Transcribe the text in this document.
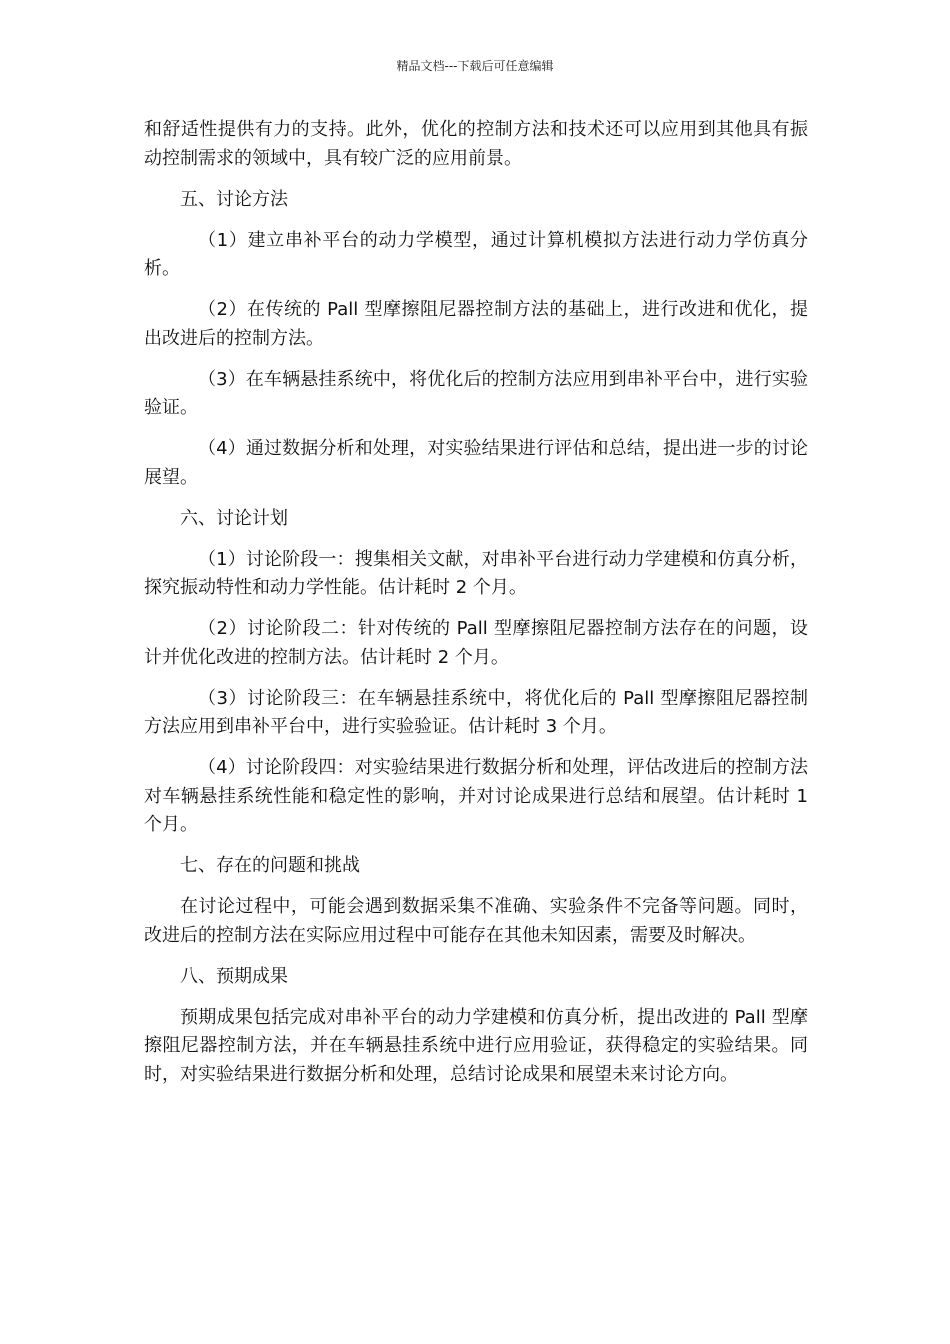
精品文档---下载后可任意编辑

和舒适性提供有力的支持。此外，优化的控制方法和技术还可以应用到其他具有振动控制需求的领域中，具有较广泛的应用前景。

五、讨论方法

（1）建立串补平台的动力学模型，通过计算机模拟方法进行动力学仿真分析。

（2）在传统的 Pall 型摩擦阻尼器控制方法的基础上，进行改进和优化，提出改进后的控制方法。

（3）在车辆悬挂系统中，将优化后的控制方法应用到串补平台中，进行实验验证。

（4）通过数据分析和处理，对实验结果进行评估和总结，提出进一步的讨论展望。

六、讨论计划

（1）讨论阶段一：搜集相关文献，对串补平台进行动力学建模和仿真分析，探究振动特性和动力学性能。估计耗时 2 个月。

（2）讨论阶段二：针对传统的 Pall 型摩擦阻尼器控制方法存在的问题，设计并优化改进的控制方法。估计耗时 2 个月。

（3）讨论阶段三：在车辆悬挂系统中，将优化后的 Pall 型摩擦阻尼器控制方法应用到串补平台中，进行实验验证。估计耗时 3 个月。

（4）讨论阶段四：对实验结果进行数据分析和处理，评估改进后的控制方法对车辆悬挂系统性能和稳定性的影响，并对讨论成果进行总结和展望。估计耗时 1 个月。

七、存在的问题和挑战

在讨论过程中，可能会遇到数据采集不准确、实验条件不完备等问题。同时，改进后的控制方法在实际应用过程中可能存在其他未知因素，需要及时解决。

八、预期成果

预期成果包括完成对串补平台的动力学建模和仿真分析，提出改进的 Pall 型摩擦阻尼器控制方法，并在车辆悬挂系统中进行应用验证，获得稳定的实验结果。同时，对实验结果进行数据分析和处理，总结讨论成果和展望未来讨论方向。
